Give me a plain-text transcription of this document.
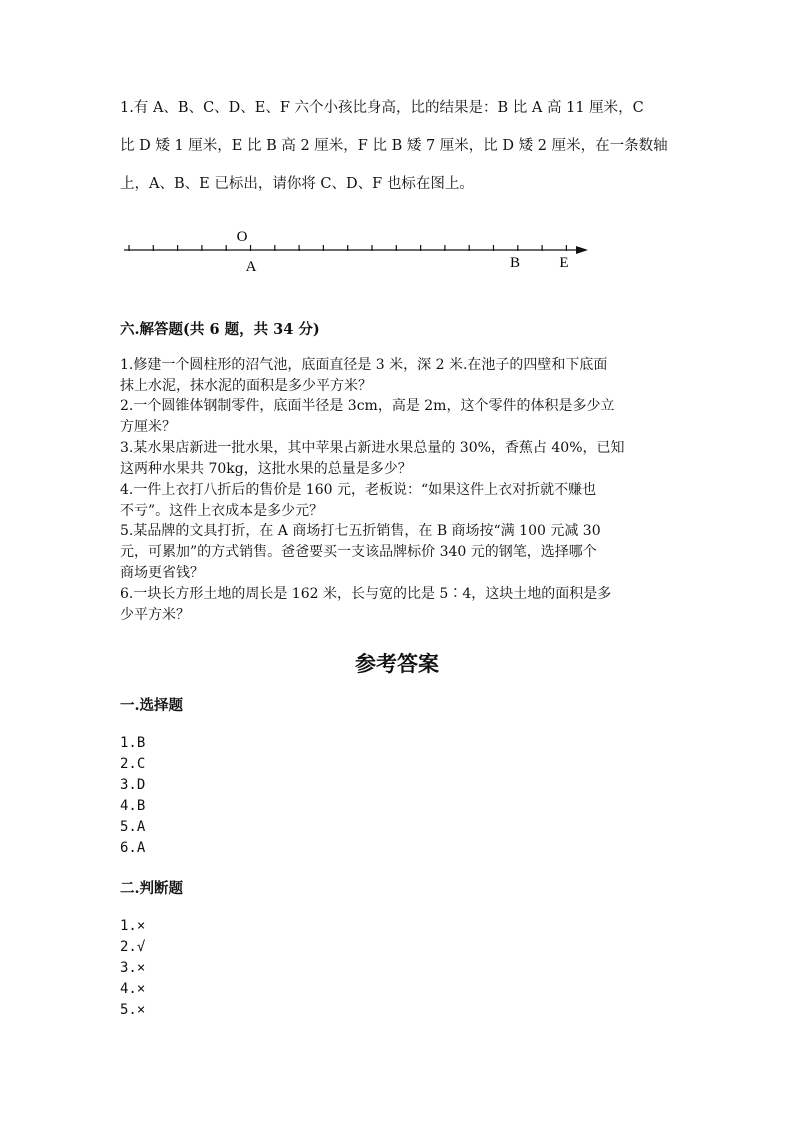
1.有 A、B、C、D、E、F 六个小孩比身高，比的结果是：B 比 A 高 11 厘米，C
比 D 矮 1 厘米，E 比 B 高 2 厘米，F 比 B 矮 7 厘米，比 D 矮 2 厘米，在一条数轴
上，A、B、E 已标出，请你将 C、D、F 也标在图上。
O
A	B	E
六.解答题(共 6 题，共 34 分)
1.修建一个圆柱形的沼气池，底面直径是 3 米，深 2 米.在池子的四壁和下底面
抹上水泥，抹水泥的面积是多少平方米？
2.一个圆锥体钢制零件，底面半径是 3cm，高是 2m，这个零件的体积是多少立
方厘米？
3.某水果店新进一批水果，其中苹果占新进水果总量的 30%，香蕉占 40%，已知
这两种水果共 70kg，这批水果的总量是多少？
4.一件上衣打八折后的售价是 160 元，老板说：“如果这件上衣对折就不赚也
不亏”。这件上衣成本是多少元？
5.某品牌的文具打折，在 A 商场打七五折销售，在 B 商场按“满 100 元减 30
元，可累加”的方式销售。爸爸要买一支该品牌标价 340 元的钢笔，选择哪个
商场更省钱？
6.一块长方形土地的周长是 162 米，长与宽的比是 5∶4，这块土地的面积是多
少平方米？
参考答案
一.选择题
1.B
2.C
3.D
4.B
5.A
6.A
二.判断题
1.×
2.√
3.×
4.×
5.×
